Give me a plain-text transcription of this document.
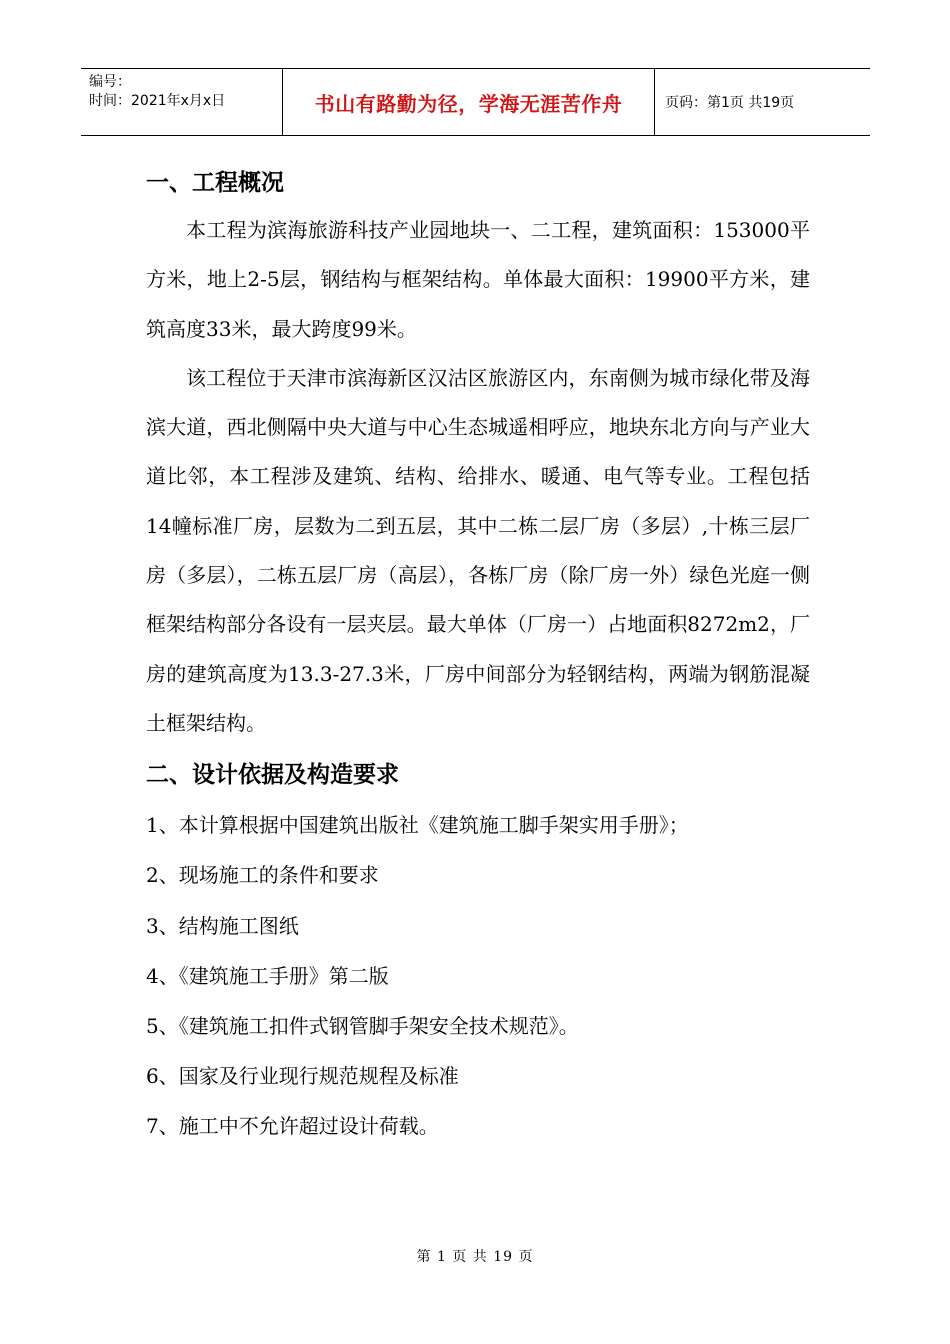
编号：
时间：2021年x月x日	书山有路勤为径，学海无涯苦作舟	页码：第1页 共19页
一、工程概况

本工程为滨海旅游科技产业园地块一、二工程，建筑面积：153000平方米，地上2-5层，钢结构与框架结构。单体最大面积：19900平方米，建筑高度33米，最大跨度99米。

该工程位于天津市滨海新区汉沽区旅游区内，东南侧为城市绿化带及海滨大道，西北侧隔中央大道与中心生态城遥相呼应，地块东北方向与产业大道比邻，本工程涉及建筑、结构、给排水、暖通、电气等专业。工程包括14幢标准厂房，层数为二到五层，其中二栋二层厂房（多层）,十栋三层厂房（多层），二栋五层厂房（高层），各栋厂房（除厂房一外）绿色光庭一侧框架结构部分各设有一层夹层。最大单体（厂房一）占地面积8272m2，厂房的建筑高度为13.3-27.3米，厂房中间部分为轻钢结构，两端为钢筋混凝土框架结构。

二、设计依据及构造要求
1、本计算根据中国建筑出版社《建筑施工脚手架实用手册》；
2、现场施工的条件和要求
3、结构施工图纸
4、《建筑施工手册》第二版
5、《建筑施工扣件式钢管脚手架安全技术规范》。
6、国家及行业现行规范规程及标准
7、施工中不允许超过设计荷载。
第 1 页 共 19 页
